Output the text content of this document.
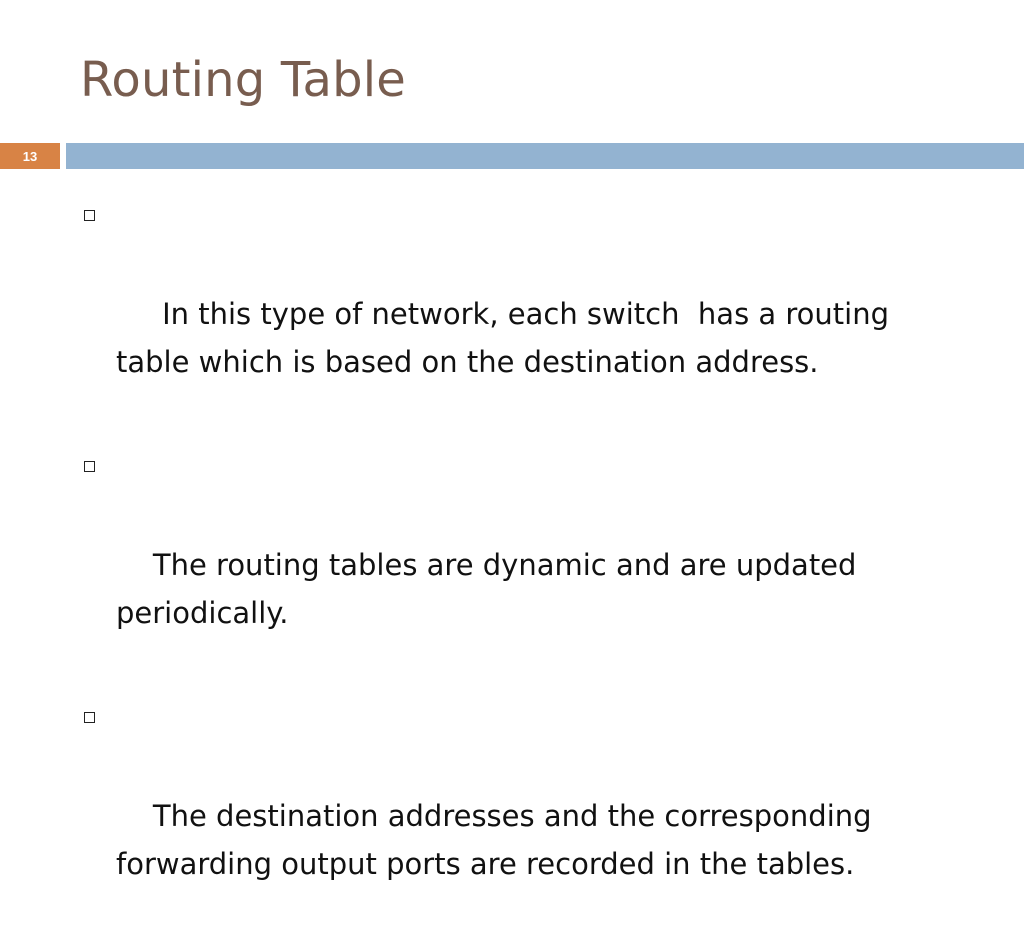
Routing Table
13

In this type of network, each switch  has a routing table which is based on the destination address.

The routing tables are dynamic and are updated periodically.

The destination addresses and the corresponding forwarding output ports are recorded in the tables.
